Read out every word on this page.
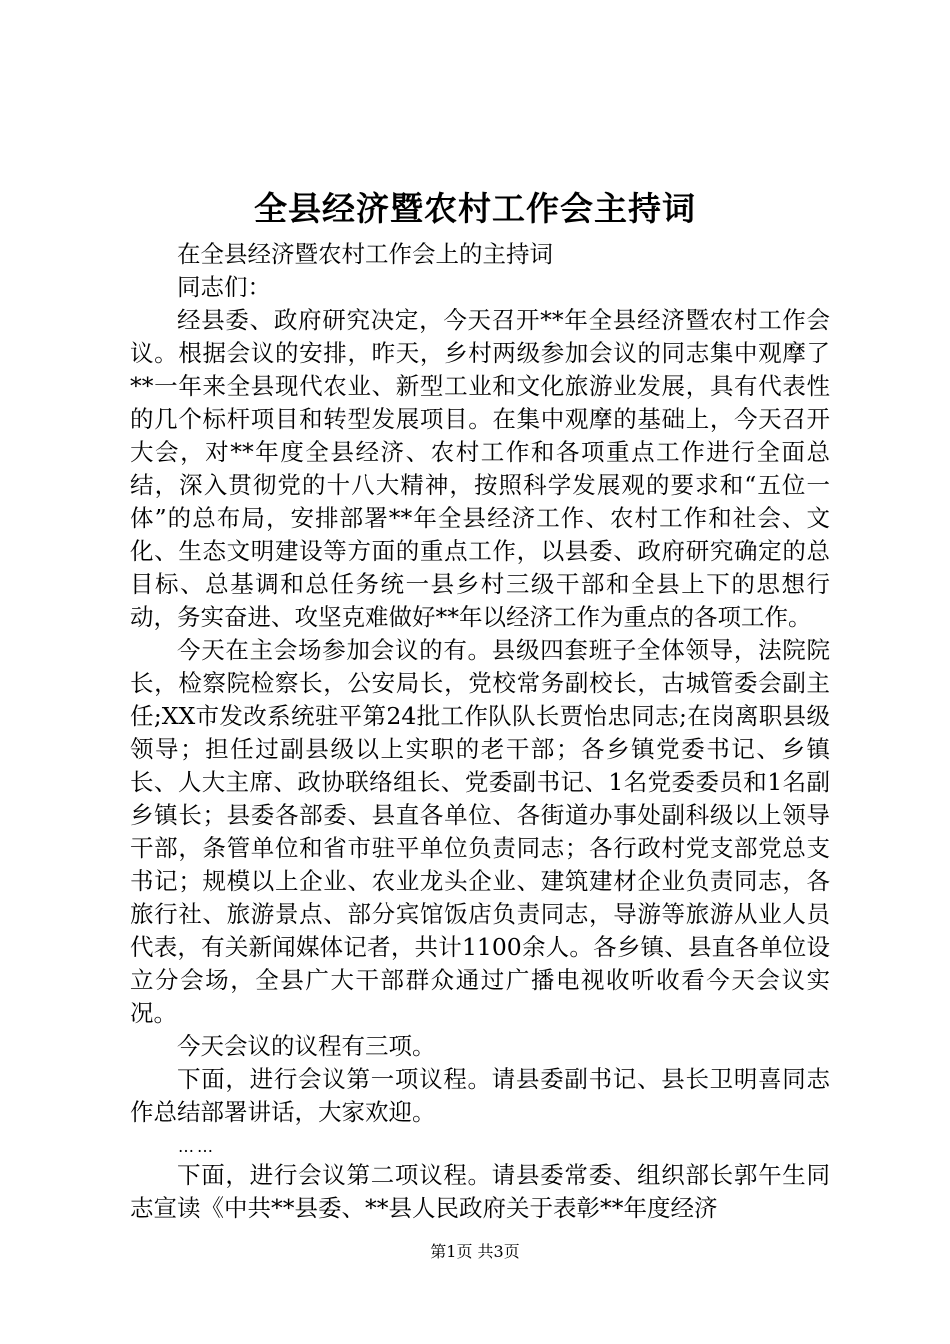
全县经济暨农村工作会主持词

在全县经济暨农村工作会上的主持词

同志们：

经县委、政府研究决定，今天召开**年全县经济暨农村工作会议。根据会议的安排，昨天，乡村两级参加会议的同志集中观摩了**一年来全县现代农业、新型工业和文化旅游业发展，具有代表性的几个标杆项目和转型发展项目。在集中观摩的基础上，今天召开大会，对**年度全县经济、农村工作和各项重点工作进行全面总结，深入贯彻党的十八大精神，按照科学发展观的要求和“五位一体”的总布局，安排部署**年全县经济工作、农村工作和社会、文化、生态文明建设等方面的重点工作，以县委、政府研究确定的总目标、总基调和总任务统一县乡村三级干部和全县上下的思想行动，务实奋进、攻坚克难做好**年以经济工作为重点的各项工作。

今天在主会场参加会议的有。县级四套班子全体领导，法院院长，检察院检察长，公安局长，党校常务副校长，古城管委会副主任;XX市发改系统驻平第24批工作队队长贾怡忠同志;在岗离职县级领导；担任过副县级以上实职的老干部；各乡镇党委书记、乡镇长、人大主席、政协联络组长、党委副书记、1名党委委员和1名副乡镇长；县委各部委、县直各单位、各街道办事处副科级以上领导干部，条管单位和省市驻平单位负责同志；各行政村党支部党总支书记；规模以上企业、农业龙头企业、建筑建材企业负责同志，各旅行社、旅游景点、部分宾馆饭店负责同志，导游等旅游从业人员代表，有关新闻媒体记者，共计1100余人。各乡镇、县直各单位设立分会场，全县广大干部群众通过广播电视收听收看今天会议实况。

今天会议的议程有三项。

下面，进行会议第一项议程。请县委副书记、县长卫明喜同志作总结部署讲话，大家欢迎。

……

下面，进行会议第二项议程。请县委常委、组织部长郭午生同志宣读《中共**县委、**县人民政府关于表彰**年度经济

第1页 共3页
